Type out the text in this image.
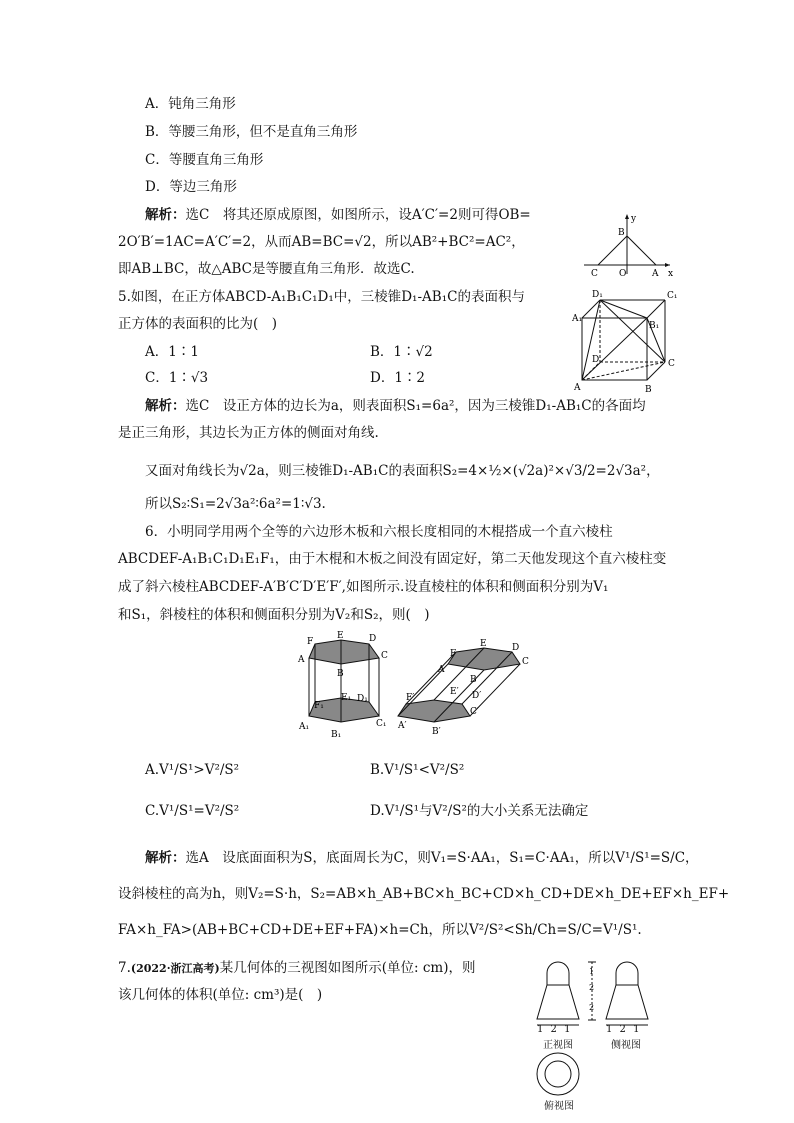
A．钝角三角形
B．等腰三角形，但不是直角三角形
C．等腰直角三角形
D．等边三角形
解析：选C　将其还原成原图，如图所示，设A′C′=2则可得OB=
2O′B′=1AC=A′C′=2，从而AB=BC=√2，所以AB²+BC²=AC²，
即AB⊥BC，故△ABC是等腰直角三角形．故选C.
y
B
C O	A x
5.如图，在正方体ABCD-A₁B₁C₁D₁中，三棱锥D₁-AB₁C的表面积与
正方体的表面积的比为(　)
A．1∶1	B．1∶√2
C．1∶√3	D．1∶2
解析：选C　设正方体的边长为a，则表面积S₁=6a²，因为三棱锥D₁-AB₁C的各面均
是正三角形，其边长为正方体的侧面对角线.
又面对角线长为√2a，则三棱锥D₁-AB₁C的表面积S₂=4×½×(√2a)²×√3/2=2√3a²，
所以S₂∶S₁=2√3a²∶6a²=1∶√3.
D₁	C₁
A₁
B₁
D	C
A	B
6．小明同学用两个全等的六边形木板和六根长度相同的木棍搭成一个直六棱柱
ABCDEF-A₁B₁C₁D₁E₁F₁，由于木棍和木板之间没有固定好，第二天他发现这个直六棱柱变
成了斜六棱柱ABCDEF-A′B′C′D′E′F′,如图所示.设直棱柱的体积和侧面积分别为V₁
和S₁，斜棱柱的体积和侧面积分别为V₂和S₂，则(　)
F
E	D
A	C
B
F₁
E₁ D₁
A₁	C₁
B₁
F
E	D
A
C
B
E′ D′
F′
A′
C′
B′
A.V¹/S¹>V²/S²	B.V¹/S¹<V²/S²
C.V¹/S¹=V²/S²	D.V¹/S¹与V²/S²的大小关系无法确定
解析：选A　设底面面积为S，底面周长为C，则V₁=S·AA₁，S₁=C·AA₁，所以V¹/S¹=S/C，
设斜棱柱的高为h，则V₂=S·h，S₂=AB×h_AB+BC×h_BC+CD×h_CD+DE×h_DE+EF×h_EF+
FA×h_FA>(AB+BC+CD+DE+EF+FA)×h=Ch，所以V²/S²<Sh/Ch=S/C=V¹/S¹.
7.(2022·浙江高考)某几何体的三视图如图所示(单位: cm)，则
该几何体的体积(单位: cm³)是(　)
1
2
2
1 2 1	1 2 1
正视图	侧视图
俯视图
